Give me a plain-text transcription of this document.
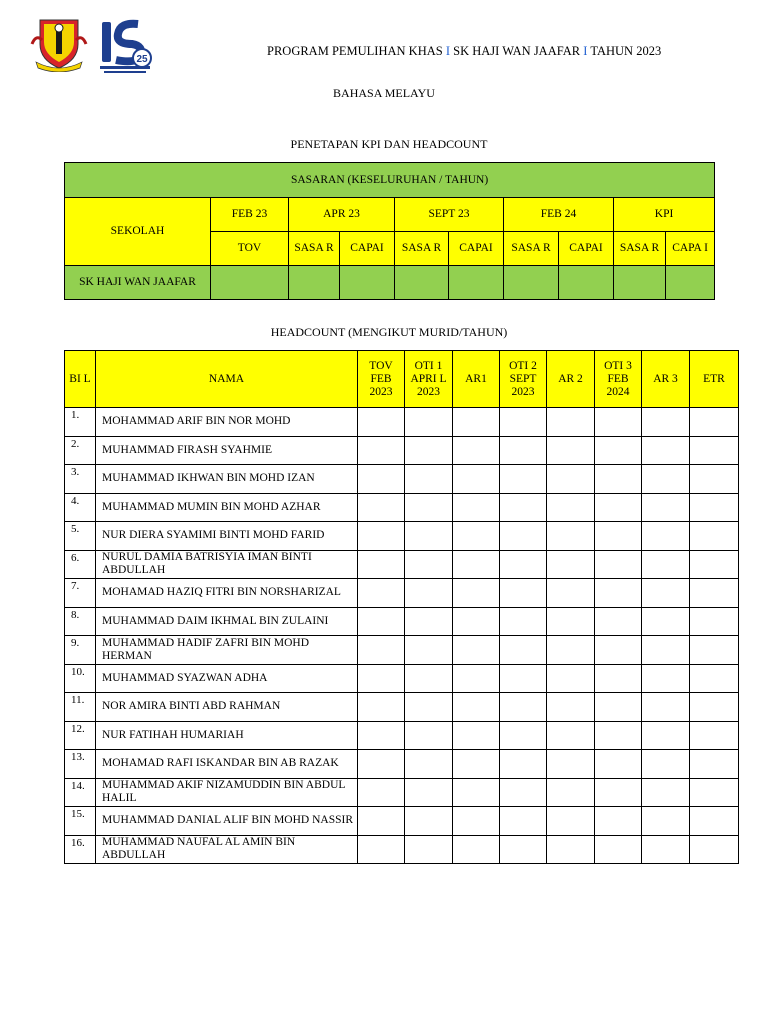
25
PROGRAM PEMULIHAN KHAS I SK HAJI WAN JAAFAR I TAHUN 2023
BAHASA MELAYU
PENETAPAN KPI DAN HEADCOUNT
SASARAN (KESELURUHAN / TAHUN)									
SEKOLAH	FEB 23	APR 23		SEPT 23		FEB 24		KPI	
	TOV	SASA R	CAPAI	SASA R	CAPAI	SASA R	CAPAI	SASA R	CAPA I
SK HAJI WAN JAAFAR									
HEADCOUNT (MENGIKUT MURID/TAHUN)
BI L	NAMA	TOV FEB 2023	OTI 1 APRI L 2023	AR1	OTI 2 SEPT 2023	AR 2	OTI 3 FEB 2024	AR 3	ETR
1.	MOHAMMAD ARIF BIN NOR MOHD								
2.	MUHAMMAD FIRASH SYAHMIE								
3.	MUHAMMAD IKHWAN BIN MOHD IZAN								
4.	MUHAMMAD MUMIN BIN MOHD AZHAR								
5.	NUR DIERA SYAMIMI BINTI MOHD FARID								
6.	NURUL DAMIA BATRISYIA IMAN BINTI ABDULLAH								
7.	MOHAMAD HAZIQ FITRI BIN NORSHARIZAL								
8.	MUHAMMAD DAIM IKHMAL BIN ZULAINI								
9.	MUHAMMAD HADIF ZAFRI BIN MOHD HERMAN								
10.	MUHAMMAD SYAZWAN ADHA								
11.	NOR AMIRA BINTI ABD RAHMAN								
12.	NUR FATIHAH HUMARIAH								
13.	MOHAMAD RAFI ISKANDAR BIN AB RAZAK								
14.	MUHAMMAD AKIF NIZAMUDDIN BIN ABDUL HALIL								
15.	MUHAMMAD DANIAL ALIF BIN MOHD NASSIR								
16.	MUHAMMAD NAUFAL AL AMIN BIN ABDULLAH								
